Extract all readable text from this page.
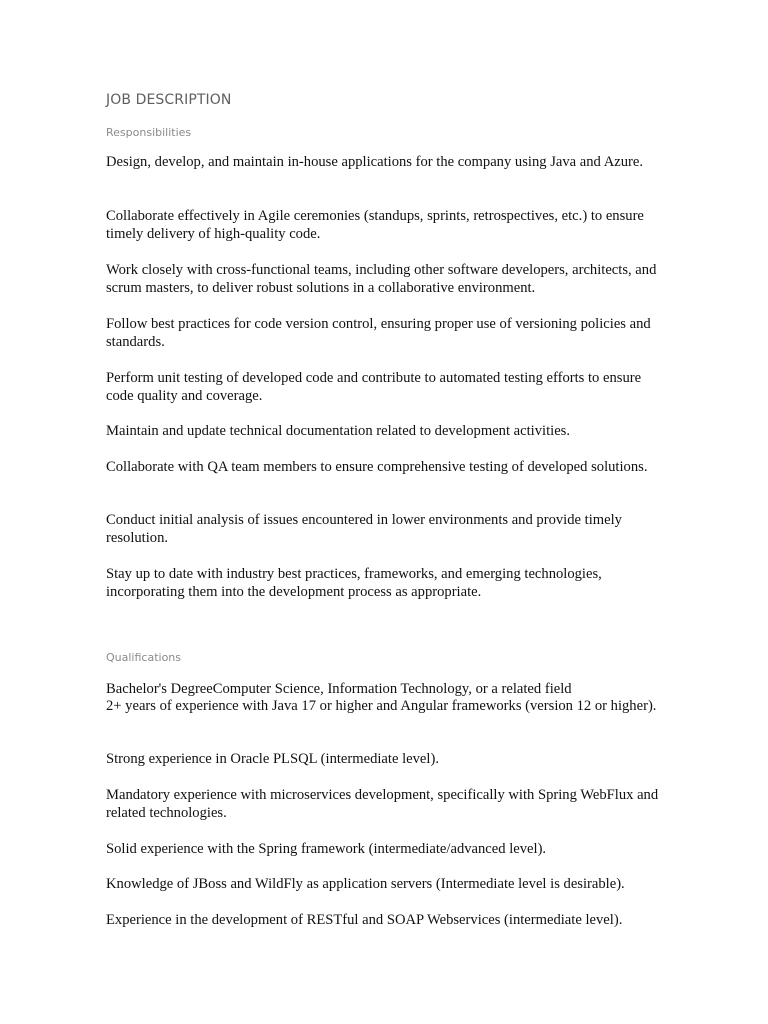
JOB DESCRIPTION
Responsibilities

Design, develop, and maintain in-house applications for the company using Java and Azure.

Collaborate effectively in Agile ceremonies (standups, sprints, retrospectives, etc.) to ensure timely delivery of high-quality code.

Work closely with cross-functional teams, including other software developers, architects, and scrum masters, to deliver robust solutions in a collaborative environment.

Follow best practices for code version control, ensuring proper use of versioning policies and standards.

Perform unit testing of developed code and contribute to automated testing efforts to ensure code quality and coverage.

Maintain and update technical documentation related to development activities.

Collaborate with QA team members to ensure comprehensive testing of developed solutions.

Conduct initial analysis of issues encountered in lower environments and provide timely resolution.

Stay up to date with industry best practices, frameworks, and emerging technologies, incorporating them into the development process as appropriate.

Qualifications

Bachelor's DegreeComputer Science, Information Technology, or a related field

2+ years of experience with Java 17 or higher and Angular frameworks (version 12 or higher).

Strong experience in Oracle PLSQL (intermediate level).

Mandatory experience with microservices development, specifically with Spring WebFlux and related technologies.

Solid experience with the Spring framework (intermediate/advanced level).

Knowledge of JBoss and WildFly as application servers (Intermediate level is desirable).

Experience in the development of RESTful and SOAP Webservices (intermediate level).
